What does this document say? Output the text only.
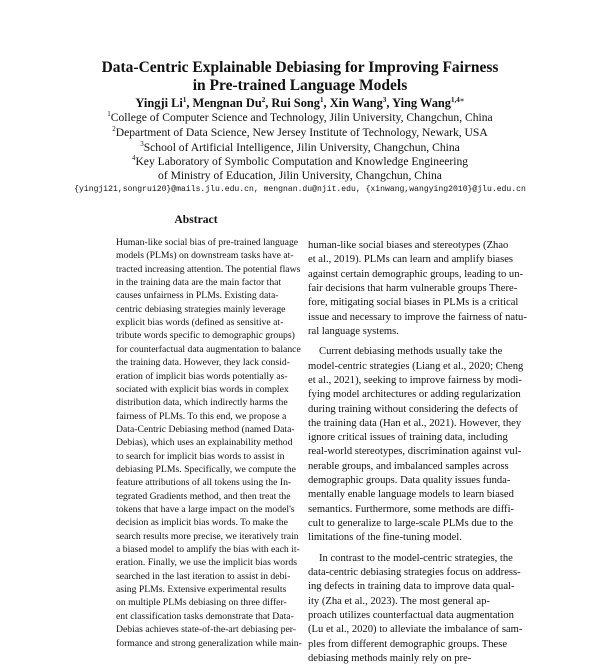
Data-Centric Explainable Debiasing for Improving Fairness
in Pre-trained Language Models
Yingji Li$^1$, Mengnan Du$^2$, Rui Song$^1$, Xin Wang$^3$, Ying Wang$^{1,4∗}$
$^1$College of Computer Science and Technology, Jilin University, Changchun, China
$^2$Department of Data Science, New Jersey Institute of Technology, Newark, USA
$^3$School of Artificial Intelligence, Jilin University, Changchun, China
$^4$Key Laboratory of Symbolic Computation and Knowledge Engineering
of Ministry of Education, Jilin University, Changchun, China
{yingji21,songrui20}@mails.jlu.edu.cn, mengnan.du@njit.edu, {xinwang,wangying2010}@jlu.edu.cn
Abstract
Human-like social bias of pre-trained language
models (PLMs) on downstream tasks have at-
tracted increasing attention. The potential flaws
in the training data are the main factor that
causes unfairness in PLMs. Existing data-
centric debiasing strategies mainly leverage
explicit bias words (defined as sensitive at-
tribute words specific to demographic groups)
for counterfactual data augmentation to balance
the training data. However, they lack consid-
eration of implicit bias words potentially as-
sociated with explicit bias words in complex
distribution data, which indirectly harms the
fairness of PLMs. To this end, we propose a
Data-Centric Debiasing method (named Data-
Debias), which uses an explainability method
to search for implicit bias words to assist in
debiasing PLMs. Specifically, we compute the
feature attributions of all tokens using the In-
tegrated Gradients method, and then treat the
tokens that have a large impact on the model's
decision as implicit bias words. To make the
search results more precise, we iteratively train
a biased model to amplify the bias with each it-
eration. Finally, we use the implicit bias words
searched in the last iteration to assist in debi-
asing PLMs. Extensive experimental results
on multiple PLMs debiasing on three differ-
ent classification tasks demonstrate that Data-
Debias achieves state-of-the-art debiasing per-
formance and strong generalization while main-
human-like social biases and stereotypes (Zhao
et al., 2019). PLMs can learn and amplify biases
against certain demographic groups, leading to un-
fair decisions that harm vulnerable groups There-
fore, mitigating social biases in PLMs is a critical
issue and necessary to improve the fairness of natu-
ral language systems.
Current debiasing methods usually take the
model-centric strategies (Liang et al., 2020; Cheng
et al., 2021), seeking to improve fairness by modi-
fying model architectures or adding regularization
during training without considering the defects of
the training data (Han et al., 2021). However, they
ignore critical issues of training data, including
real-world stereotypes, discrimination against vul-
nerable groups, and imbalanced samples across
demographic groups. Data quality issues funda-
mentally enable language models to learn biased
semantics. Furthermore, some methods are diffi-
cult to generalize to large-scale PLMs due to the
limitations of the fine-tuning model.
In contrast to the model-centric strategies, the
data-centric debiasing strategies focus on address-
ing defects in training data to improve data qual-
ity (Zha et al., 2023). The most general ap-
proach utilizes counterfactual data augmentation
(Lu et al., 2020) to alleviate the imbalance of sam-
ples from different demographic groups. These
debiasing methods mainly rely on pre-
